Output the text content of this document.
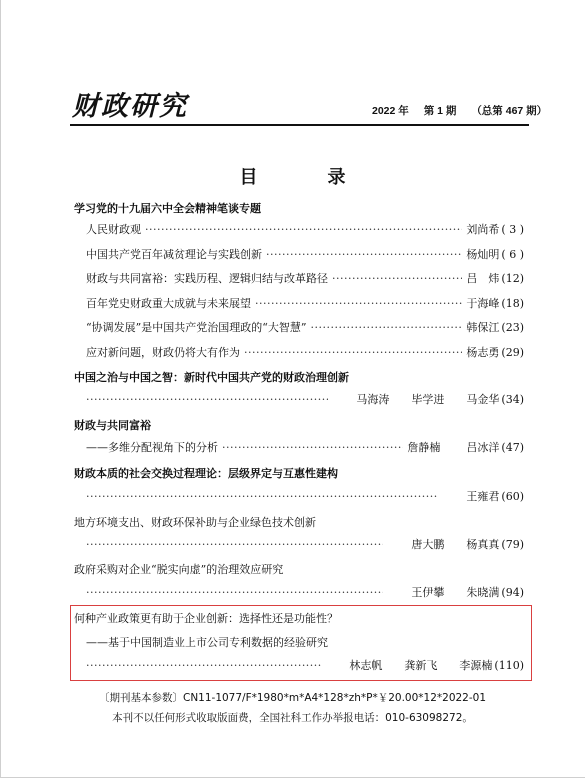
财政研究	2022 年 第 1 期 （总第 467 期）
目　录
学习党的十九届六中全会精神笔谈专题
人民财政观 ·····	刘尚希 ( 3 )
中国共产党百年减贫理论与实践创新 ·····	杨灿明 ( 6 )
财政与共同富裕：实践历程、逻辑归结与改革路径 ·····	吕　炜 (12)
百年党史财政重大成就与未来展望 ·····	于海峰 (18)
“协调发展”是中国共产党治国理政的“大智慧” ·····	韩保江 (23)
应对新问题，财政仍将大有作为 ·····	杨志勇 (29)
中国之治与中国之智：新时代中国共产党的财政治理创新
·····
马海涛 毕学进 马金华 (34)
财政与共同富裕
——多维分配视角下的分析 ·····	詹静楠 吕冰洋 (47)
财政本质的社会交换过程理论：层级界定与互惠性建构
·····
王雍君 (60)
地方环境支出、财政环保补助与企业绿色技术创新
·····
唐大鹏 杨真真 (79)
政府采购对企业“脱实向虚”的治理效应研究
·····
王伊攀 朱晓满 (94)
何种产业政策更有助于企业创新：选择性还是功能性？
——基于中国制造业上市公司专利数据的经验研究
·····
林志帆 龚新飞 李源楠 (110)
〔期刊基本参数〕CN11-1077/F*1980*m*A4*128*zh*P*￥20.00*12*2022-01
本刊不以任何形式收取版面费，全国社科工作办举报电话：010-63098272。
